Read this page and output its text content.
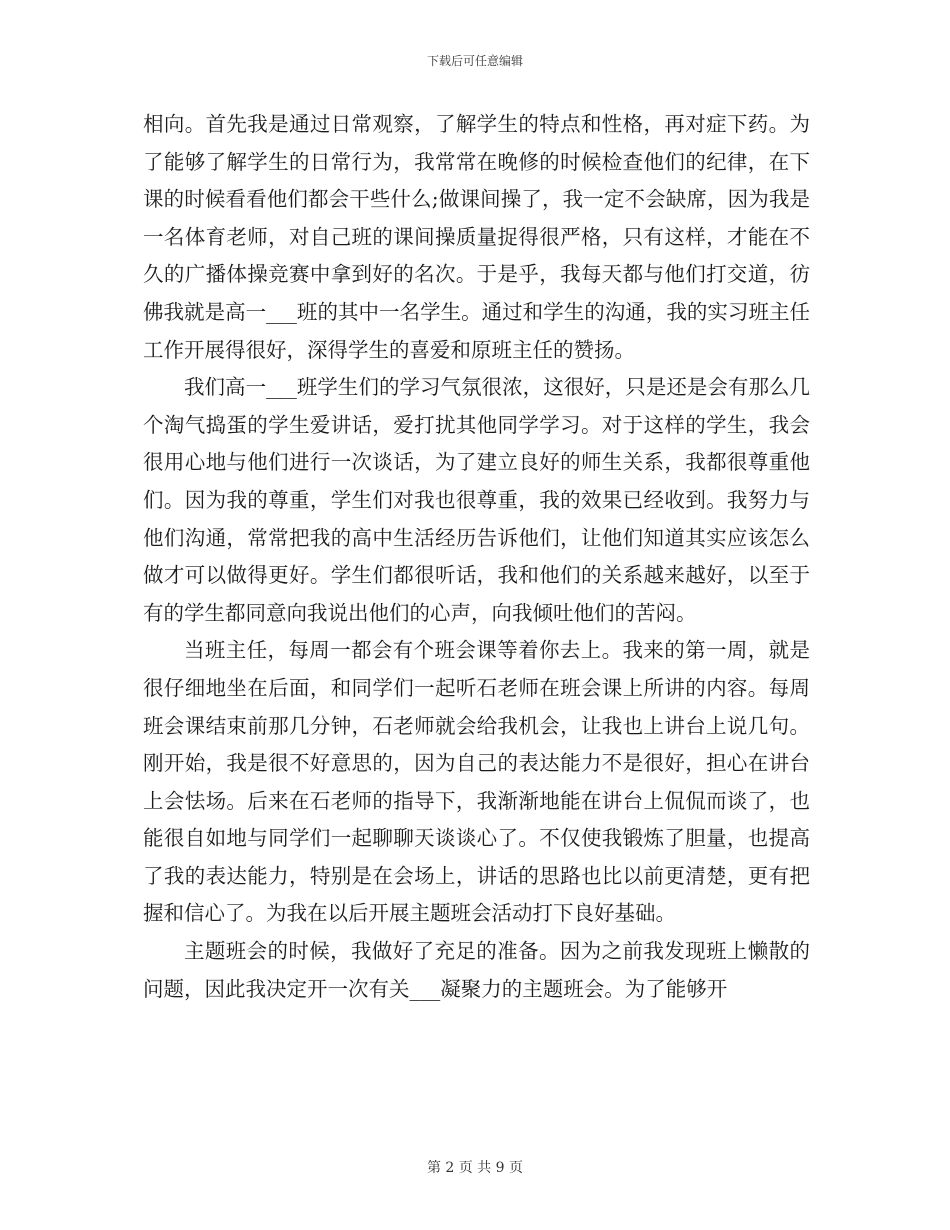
下载后可任意编辑

相向。首先我是通过日常观察，了解学生的特点和性格，再对症下药。为了能够了解学生的日常行为，我常常在晚修的时候检查他们的纪律，在下课的时候看看他们都会干些什么;做课间操了，我一定不会缺席，因为我是一名体育老师，对自己班的课间操质量捉得很严格，只有这样，才能在不久的广播体操竞赛中拿到好的名次。于是乎，我每天都与他们打交道，彷佛我就是高一___班的其中一名学生。通过和学生的沟通，我的实习班主任工作开展得很好，深得学生的喜爱和原班主任的赞扬。

我们高一___班学生们的学习气氛很浓，这很好，只是还是会有那么几个淘气捣蛋的学生爱讲话，爱打扰其他同学学习。对于这样的学生，我会很用心地与他们进行一次谈话，为了建立良好的师生关系，我都很尊重他们。因为我的尊重，学生们对我也很尊重，我的效果已经收到。我努力与他们沟通，常常把我的高中生活经历告诉他们，让他们知道其实应该怎么做才可以做得更好。学生们都很听话，我和他们的关系越来越好，以至于有的学生都同意向我说出他们的心声，向我倾吐他们的苦闷。

当班主任，每周一都会有个班会课等着你去上。我来的第一周，就是很仔细地坐在后面，和同学们一起听石老师在班会课上所讲的内容。每周班会课结束前那几分钟，石老师就会给我机会，让我也上讲台上说几句。刚开始，我是很不好意思的，因为自己的表达能力不是很好，担心在讲台上会怯场。后来在石老师的指导下，我渐渐地能在讲台上侃侃而谈了，也能很自如地与同学们一起聊聊天谈谈心了。不仅使我锻炼了胆量，也提高了我的表达能力，特别是在会场上，讲话的思路也比以前更清楚，更有把握和信心了。为我在以后开展主题班会活动打下良好基础。

主题班会的时候，我做好了充足的准备。因为之前我发现班上懒散的问题，因此我决定开一次有关___凝聚力的主题班会。为了能够开

第 2 页 共 9 页
